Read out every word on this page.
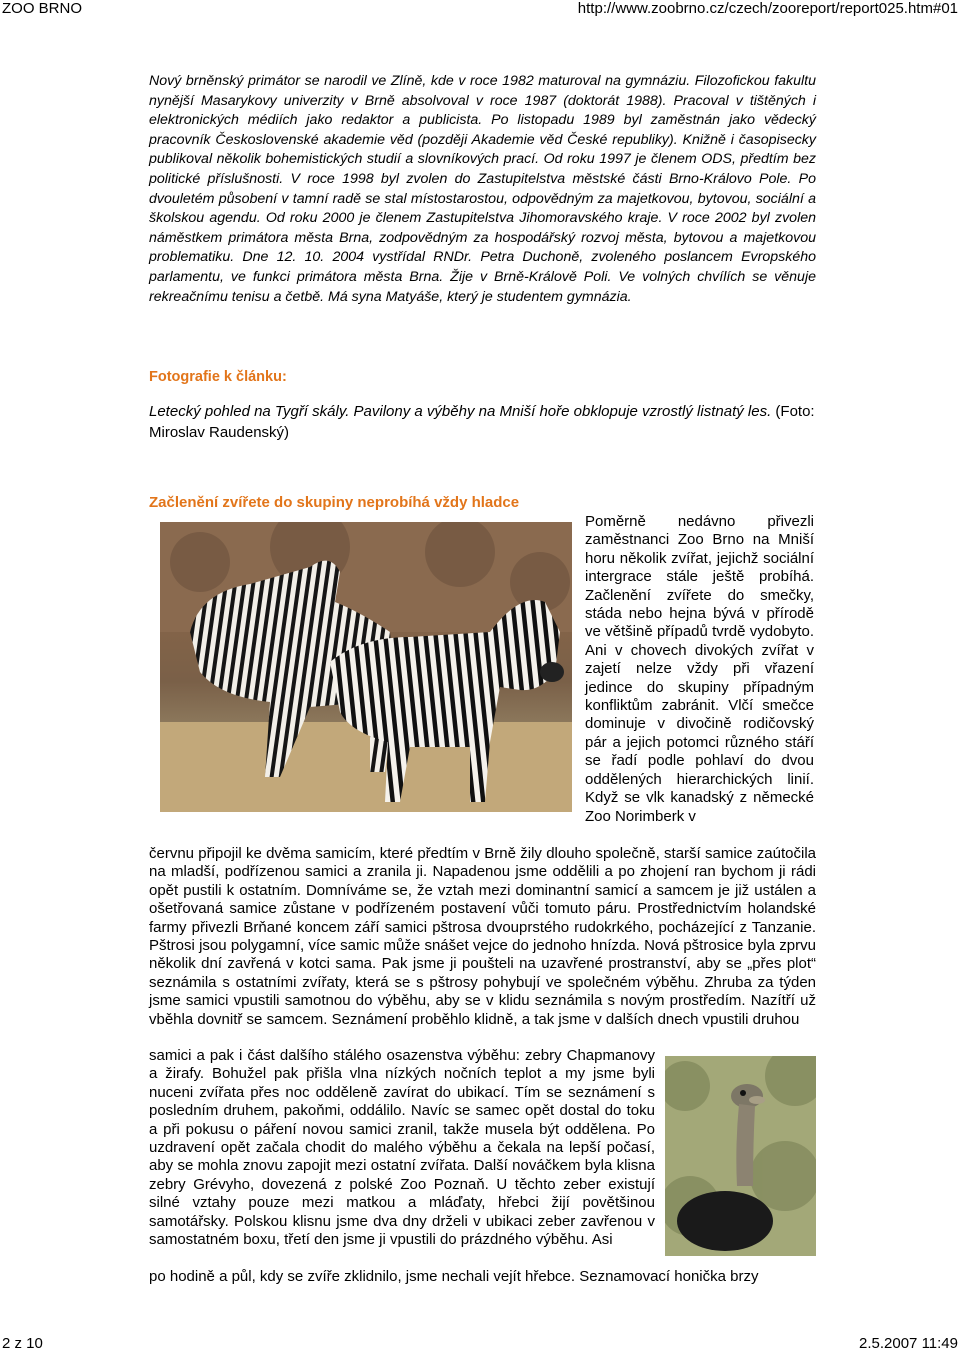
ZOO BRNO	http://www.zoobrno.cz/czech/zooreport/report025.htm#01

Nový brněnský primátor se narodil ve Zlíně, kde v roce 1982 maturoval na gymnáziu. Filozofickou fakultu nynější Masarykovy univerzity v Brně absolvoval v roce 1987 (doktorát 1988). Pracoval v tištěných i elektronických médiích jako redaktor a publicista. Po listopadu 1989 byl zaměstnán jako vědecký pracovník Československé akademie věd (později Akademie věd České republiky). Knižně i časopisecky publikoval několik bohemistických studií a slovníkových prací. Od roku 1997 je členem ODS, předtím bez politické příslušnosti. V roce 1998 byl zvolen do Zastupitelstva městské části Brno-Královo Pole. Po dvouletém působení v tamní radě se stal místostarostou, odpovědným za majetkovou, bytovou, sociální a školskou agendu. Od roku 2000 je členem Zastupitelstva Jihomoravského kraje. V roce 2002 byl zvolen náměstkem primátora města Brna, zodpovědným za hospodářský rozvoj města, bytovou a majetkovou problematiku. Dne 12. 10. 2004 vystřídal RNDr. Petra Duchoně, zvoleného poslancem Evropského parlamentu, ve funkci primátora města Brna. Žije v Brně-Králově Poli. Ve volných chvílích se věnuje rekreačnímu tenisu a četbě. Má syna Matyáše, který je studentem gymnázia.

Fotografie k článku:

Letecký pohled na Tygří skály. Pavilony a výběhy na Mniší hoře obklopuje vzrostlý listnatý les. (Foto: Miroslav Raudenský)

Začlenění zvířete do skupiny neprobíhá vždy hladce

Poměrně nedávno přivezli zaměstnanci Zoo Brno na Mniší horu několik zvířat, jejichž sociální intergrace stále ještě probíhá. Začlenění zvířete do smečky, stáda nebo hejna bývá v přírodě ve většině případů tvrdě vydobyto. Ani v chovech divokých zvířat v zajetí nelze vždy při vřazení jedince do skupiny případným konfliktům zabránit. Vlčí smečce dominuje v divočině rodičovský pár a jejich potomci různého stáří se řadí podle pohlaví do dvou oddělených hierarchických linií. Když se vlk kanadský z německé Zoo Norimberk v

červnu připojil ke dvěma samicím, které předtím v Brně žily dlouho společně, starší samice zaútočila na mladší, podřízenou samici a zranila ji. Napadenou jsme oddělili a po zhojení ran bychom ji rádi opět pustili k ostatním. Domníváme se, že vztah mezi dominantní samicí a samcem je již ustálen a ošetřovaná samice zůstane v podřízeném postavení vůči tomuto páru. Prostřednictvím holandské farmy přivezli Brňané koncem září samici pštrosa dvouprstého rudokrkého, pocházející z Tanzanie. Pštrosi jsou polygamní, více samic může snášet vejce do jednoho hnízda. Nová pštrosice byla zprvu několik dní zavřená v kotci sama. Pak jsme ji poušteli na uzavřené prostranství, aby se „přes plot“ seznámila s ostatními zvířaty, která se s pštrosy pohybují ve společném výběhu. Zhruba za týden jsme samici vpustili samotnou do výběhu, aby se v klidu seznámila s novým prostředím. Nazítří už vběhla dovnitř se samcem. Seznámení proběhlo klidně, a tak jsme v dalších dnech vpustili druhou

samici a pak i část dalšího stálého osazenstva výběhu: zebry Chapmanovy a žirafy. Bohužel pak přišla vlna nízkých nočních teplot a my jsme byli nuceni zvířata přes noc odděleně zavírat do ubikací. Tím se seznámení s posledním druhem, pakoňmi, oddálilo. Navíc se samec opět dostal do toku a při pokusu o páření novou samici zranil, takže musela být oddělena. Po uzdravení opět začala chodit do malého výběhu a čekala na lepší počasí, aby se mohla znovu zapojit mezi ostatní zvířata. Další nováčkem byla klisna zebry Grévyho, dovezená z polské Zoo Poznaň. U těchto zeber existují silné vztahy pouze mezi matkou a mláďaty, hřebci žijí povětšinou samotářsky. Polskou klisnu jsme dva dny drželi v ubikaci zeber zavřenou v samostatném boxu, třetí den jsme ji vpustili do prázdného výběhu. Asi

po hodině a půl, kdy se zvíře zklidnilo, jsme nechali vejít hřebce. Seznamovací honička brzy

2 z 10	2.5.2007 11:49
